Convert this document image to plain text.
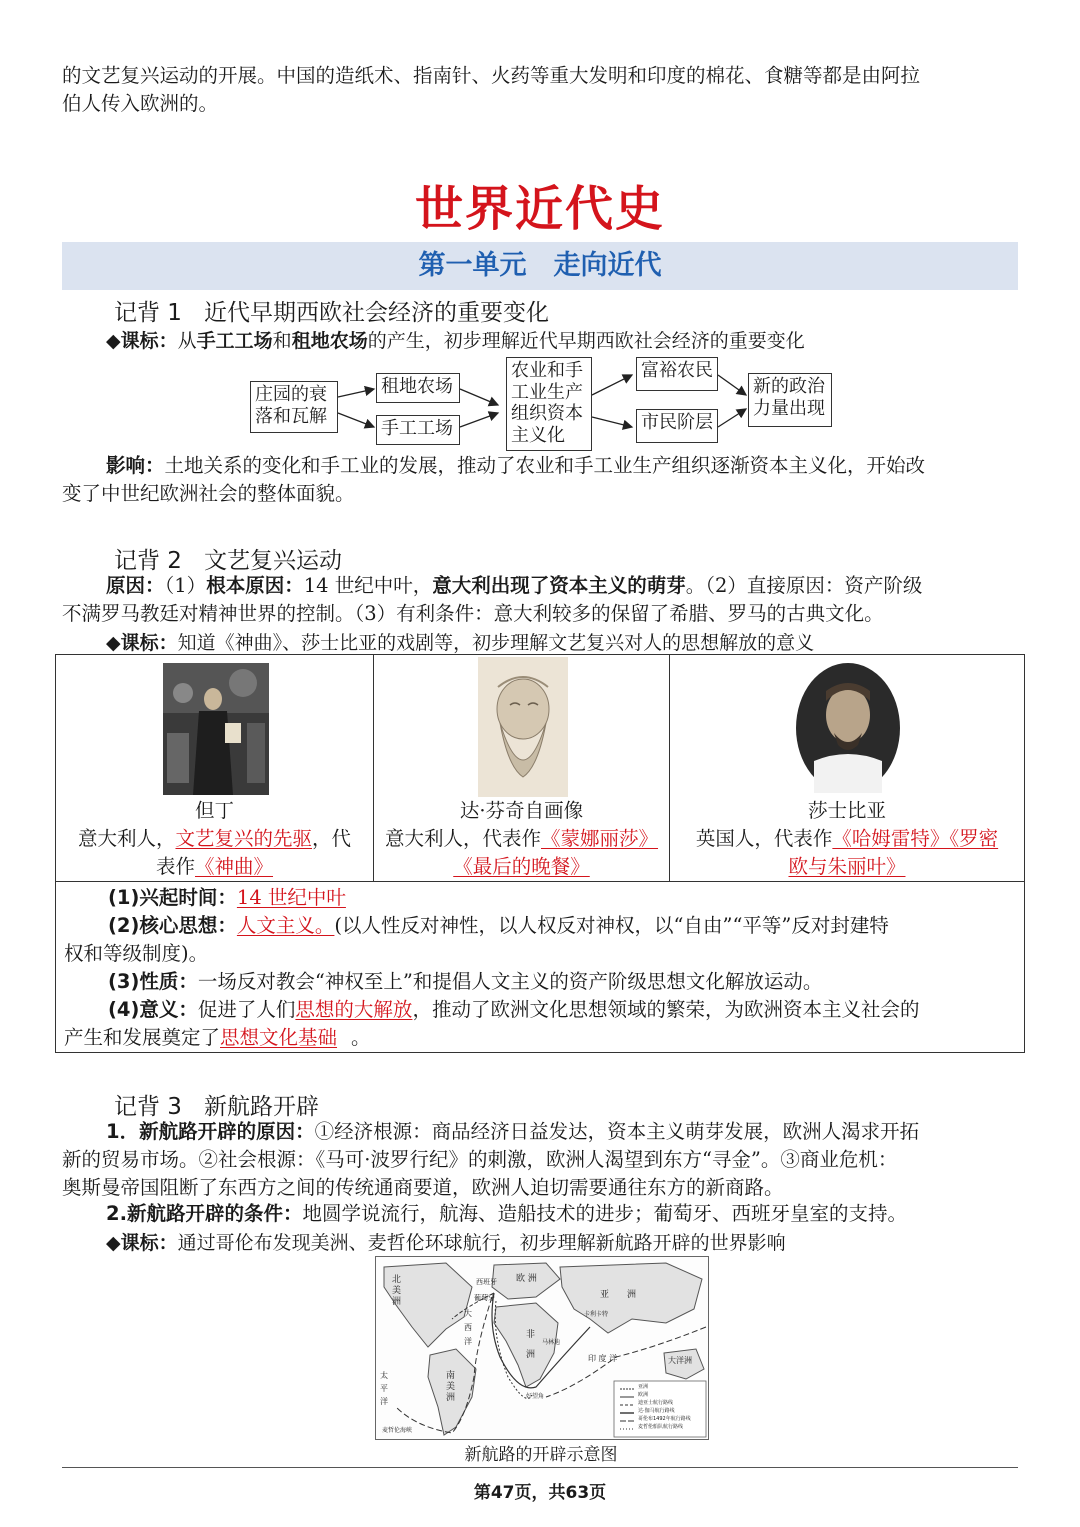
的文艺复兴运动的开展。中国的造纸术、指南针、火药等重大发明和印度的棉花、食糖等都是由阿拉
伯人传入欧洲的。
世界近代史
第一单元　走向近代
记背 1 近代早期西欧社会经济的重要变化
◆课标：从手工工场和租地农场的产生，初步理解近代早期西欧社会经济的重要变化
庄园的衰落和瓦解
租地农场
手工工场
农业和手工业生产组织资本主义化
富裕农民
市民阶层
新的政治力量出现
影响：土地关系的变化和手工业的发展，推动了农业和手工业生产组织逐渐资本主义化，开始改
变了中世纪欧洲社会的整体面貌。
记背 2 文艺复兴运动
原因：（1）根本原因：14 世纪中叶，意大利出现了资本主义的萌芽。（2）直接原因：资产阶级
不满罗马教廷对精神世界的控制。（3）有利条件：意大利较多的保留了希腊、罗马的古典文化。
◆课标：知道《神曲》、莎士比亚的戏剧等，初步理解文艺复兴对人的思想解放的意义
但丁
意大利人，文艺复兴的先驱，代
表作《神曲》
达·芬奇自画像
意大利人，代表作《蒙娜丽莎》
《最后的晚餐》
莎士比亚
英国人，代表作《哈姆雷特》《罗密
欧与朱丽叶》
(1)兴起时间：14 世纪中叶
(2)核心思想：人文主义。(以人性反对神性，以人权反对神权，以“自由”“平等”反对封建特
权和等级制度)。
(3)性质：一场反对教会“神权至上”和提倡人文主义的资产阶级思想文化解放运动。
(4)意义：促进了人们思想的大解放，推动了欧洲文化思想领域的繁荣，为欧洲资本主义社会的
产生和发展奠定了思想文化基础 。
记背 3 新航路开辟
1．新航路开辟的原因：①经济根源：商品经济日益发达，资本主义萌芽发展，欧洲人渴求开拓
新的贸易市场。②社会根源：《马可·波罗行纪》的刺激，欧洲人渴望到东方“寻金”。③商业危机：
奥斯曼帝国阻断了东西方之间的传统通商要道，欧洲人迫切需要通往东方的新商路。
2.新航路开辟的条件：地圆学说流行，航海、造船技术的进步；葡萄牙、西班牙皇室的支持。
◆课标：通过哥伦布发现美洲、麦哲伦环球航行，初步理解新航路开辟的世界影响
北
美
洲
南
美
洲
欧 洲
亚　　 洲
非
洲
西班牙
葡萄牙
大洋洲
大
西
洋
印 度 洋
太
平
洋
好望角
卡利卡特
麦哲伦海峡
马林迪
亚洲
欧洲
迪亚士航行路线
达·伽马航行路线
哥伦布1492年航行路线
麦哲伦船队航行路线
新航路的开辟示意图
第47页，共63页
